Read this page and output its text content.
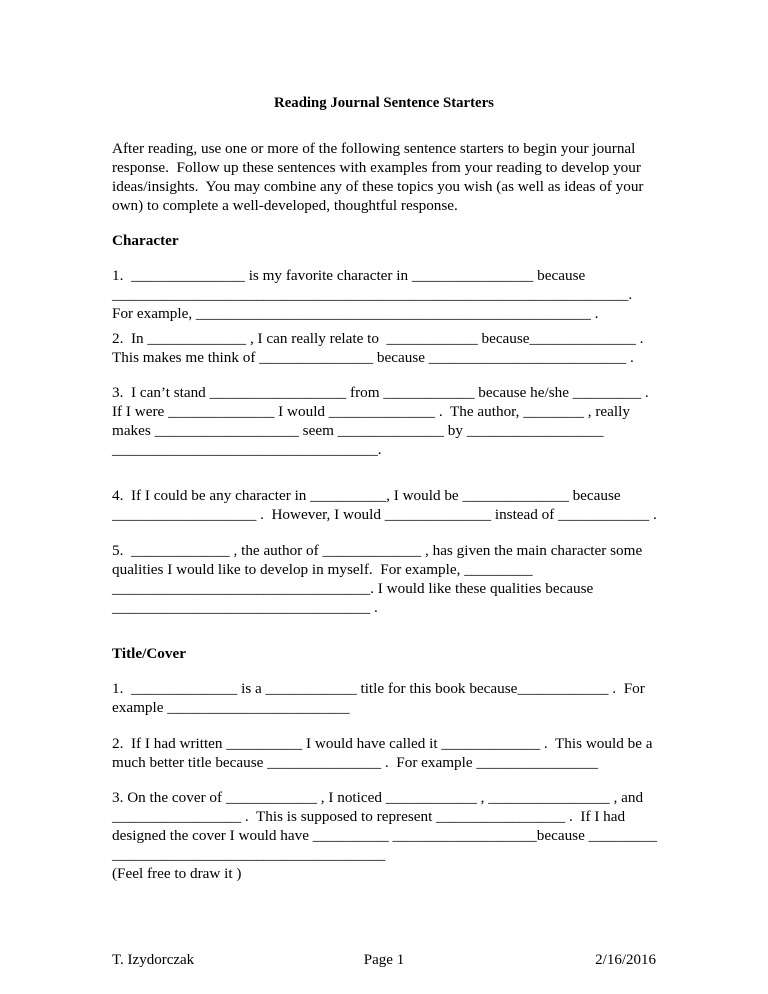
Reading Journal Sentence Starters
After reading, use one or more of the following sentence starters to begin your journal
response.  Follow up these sentences with examples from your reading to develop your
ideas/insights.  You may combine any of these topics you wish (as well as ideas of your
own) to complete a well-developed, thoughtful response.
Character
1.  _______________ is my favorite character in ________________ because
____________________________________________________________________.
For example, ____________________________________________________ .
2.  In _____________ , I can really relate to  ____________ because______________ .
This makes me think of _______________ because __________________________ .
3.  I can’t stand __________________ from ____________ because he/she _________ .
If I were ______________ I would ______________ .  The author, ________ , really
makes ___________________ seem ______________ by __________________
___________________________________.
4.  If I could be any character in __________, I would be ______________ because
___________________ .  However, I would ______________ instead of ____________ .
5.  _____________ , the author of _____________ , has given the main character some
qualities I would like to develop in myself.  For example, _________
__________________________________. I would like these qualities because
__________________________________ .
Title/Cover
1.  ______________ is a ____________ title for this book because____________ .  For
example ________________________
2.  If I had written __________ I would have called it _____________ .  This would be a
much better title because _______________ .  For example ________________
3. On the cover of ____________ , I noticed ____________ , ________________ , and
_________________ .  This is supposed to represent _________________ .  If I had
designed the cover I would have __________ ___________________because _________
____________________________________
(Feel free to draw it )
T. Izydorczak	Page 1	2/16/2016
